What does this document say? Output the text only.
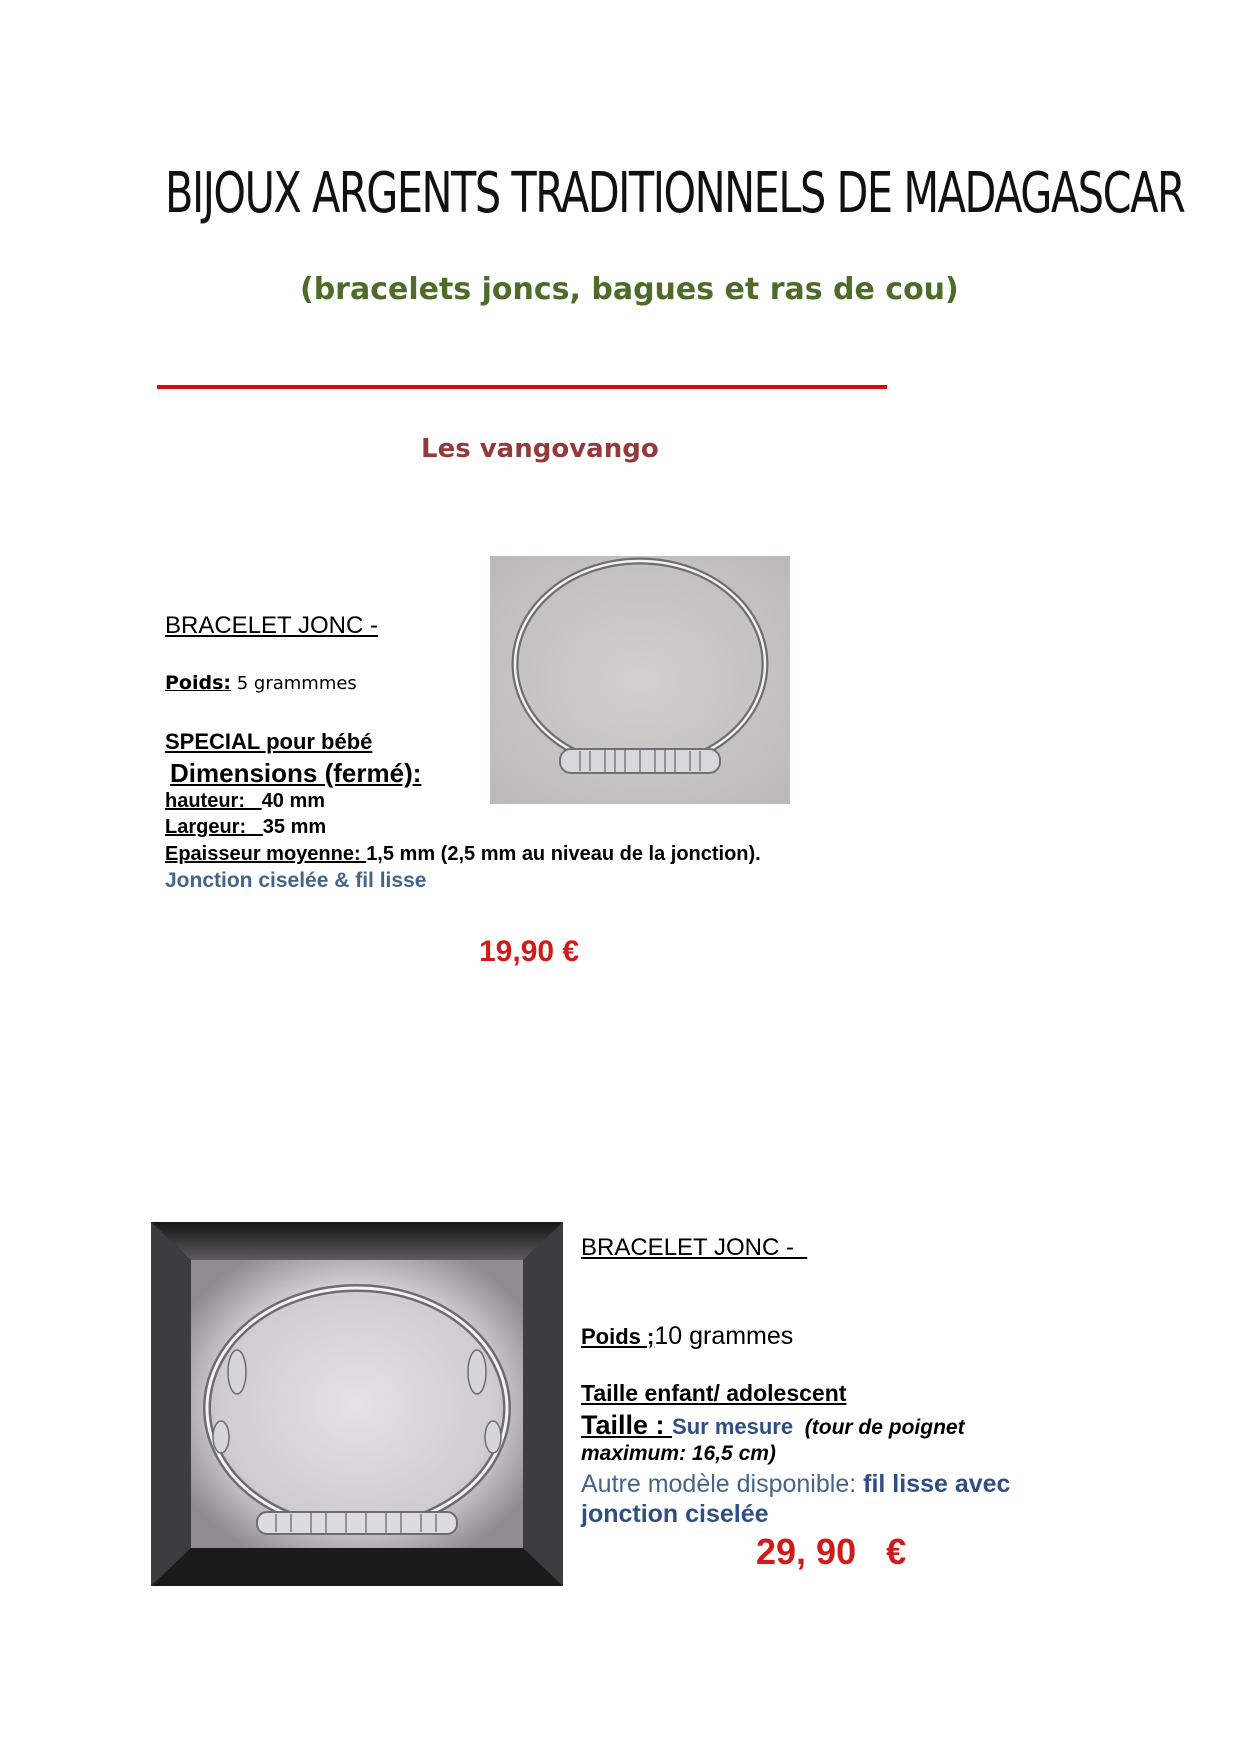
BIJOUX ARGENTS TRADITIONNELS DE MADAGASCAR
(bracelets joncs, bagues et ras de cou)
Les vangovango
BRACELET JONC -
Poids: 5 grammmes
SPECIAL pour bébé
Dimensions (fermé):
hauteur:   40 mm
Largeur:   35 mm
Epaisseur moyenne: 1,5 mm (2,5 mm au niveau de la jonction).
Jonction ciselée & fil lisse
19,90 €
BRACELET JONC -
Poids ;10 grammes
Taille enfant/ adolescent
Taille : Sur mesure  (tour de poignet
maximum: 16,5 cm)
Autre modèle disponible: fil lisse avec
jonction ciselée
29, 90   €
